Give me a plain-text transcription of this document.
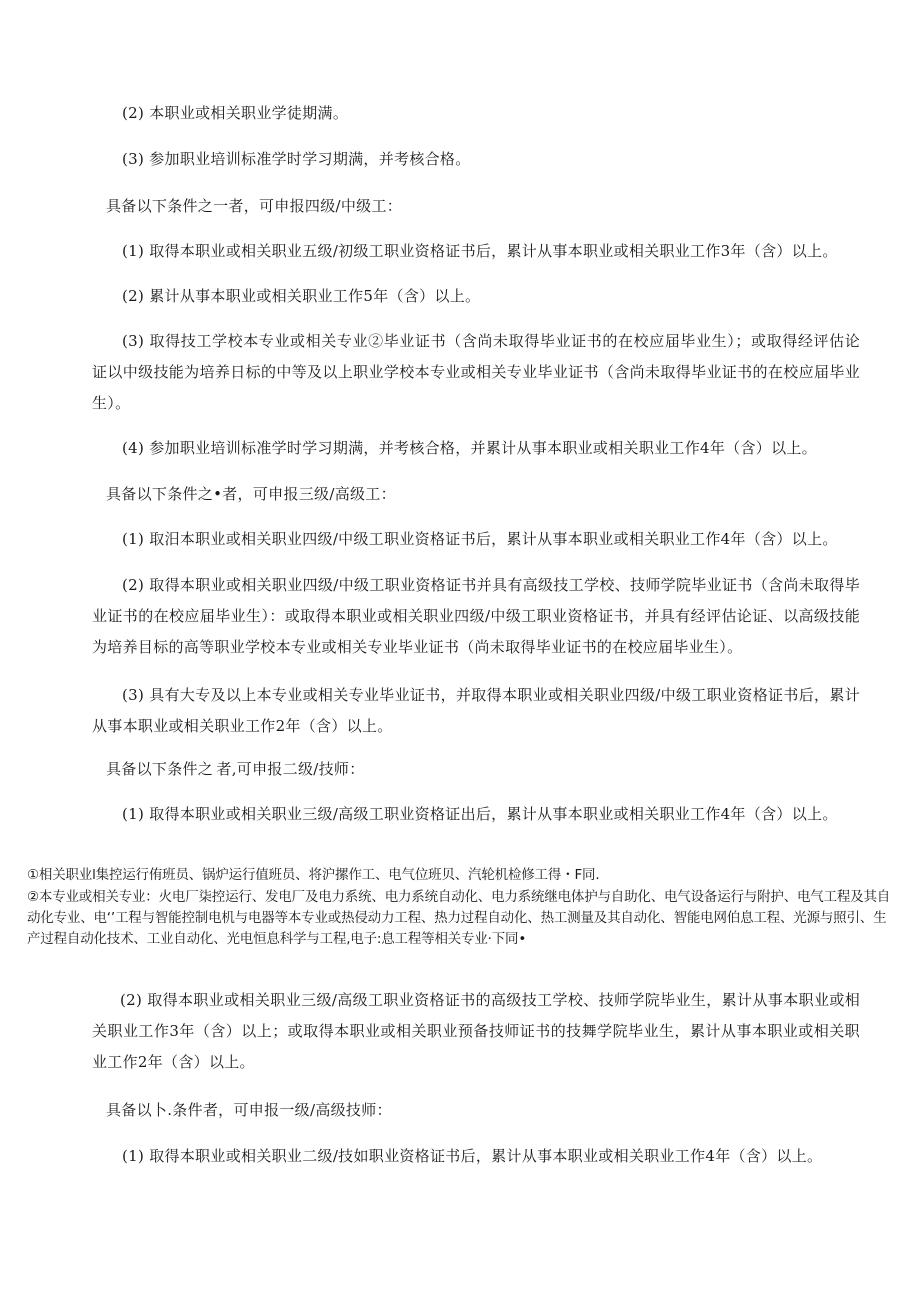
(2) 本职业或相关职业学徒期满。
(3) 参加职业培训标准学时学习期满，并考核合格。
具备以下条件之一者，可申报四级/中级工：
(1) 取得本职业或相关职业五级/初级工职业资格证书后，累计从事本职业或相关职业工作3年（含）以上。
(2) 累计从事本职业或相关职业工作5年（含）以上。
(3) 取得技工学校本专业或相关专业②毕业证书（含尚未取得毕业证书的在校应届毕业生）；或取得经评估论证以中级技能为培养日标的中等及以上职业学校本专业或相关专业毕业证书（含尚未取得毕业证书的在校应届毕业生）。
(4) 参加职业培训标准学时学习期满，并考核合格，并累计从事本职业或相关职业工作4年（含）以上。
具备以下条件之•者，可申报三级/高级工：
(1) 取汨本职业或相关职业四级/中级工职业资格证书后，累计从事本职业或相关职业工作4年（含）以上。
(2) 取得本职业或相关职业四级/中级工职业资格证书并具有高级技工学校、技师学院毕业证书（含尚未取得毕业证书的在校应届毕业生）：或取得本职业或相关职业四级/中级工职业资格证书，并具有经评估论证、以高级技能为培养目标的高等职业学校本专业或相关专业毕业证书（尚未取得毕业证书的在校应届毕业生）。
(3) 具有大专及以上本专业或相关专业毕业证书，并取得本职业或相关职业四级/中级工职业资格证书后，累计从事本职业或相关职业工作2年（含）以上。
具备以下条件之 者,可申报二级/技师：
(1) 取得本职业或相关职业三级/高级工职业资格证出后，累计从事本职业或相关职业工作4年（含）以上。
①相关职业l集控运行侑班员、锅炉运行值班员、将沪摞作工、电气位班贝、汽轮机检修工得・F同.
②本专业或相关专业：火电厂柒控运行、发电厂及电力系统、电力系统自动化、电力系统继电体护与自助化、电气设备运行与附护、电气工程及其自动化专业、电‘’工程与智能控制电机与电器等本专业或热侵动力工程、热力过程自动化、热工测量及其自动化、智能电网伯息工程、光源与照引、生产过程自动化技术、工业自动化、光电恒息科学与工程,电子:息工程等相关专业·下同•
(2) 取得本职业或相关职业三级/高级工职业资格证书的高级技工学校、技师学院毕业生，累计从事本职业或相关职业工作3年（含）以上；或取得本职业或相关职业预备技师证书的技舞学院毕业生，累计从事本职业或相关职业工作2年（含）以上。
具备以卜.条件者，可申报一级/高级技师：
(1) 取得本职业或相关职业二级/技如职业资格证书后，累计从事本职业或相关职业工作4年（含）以上。
